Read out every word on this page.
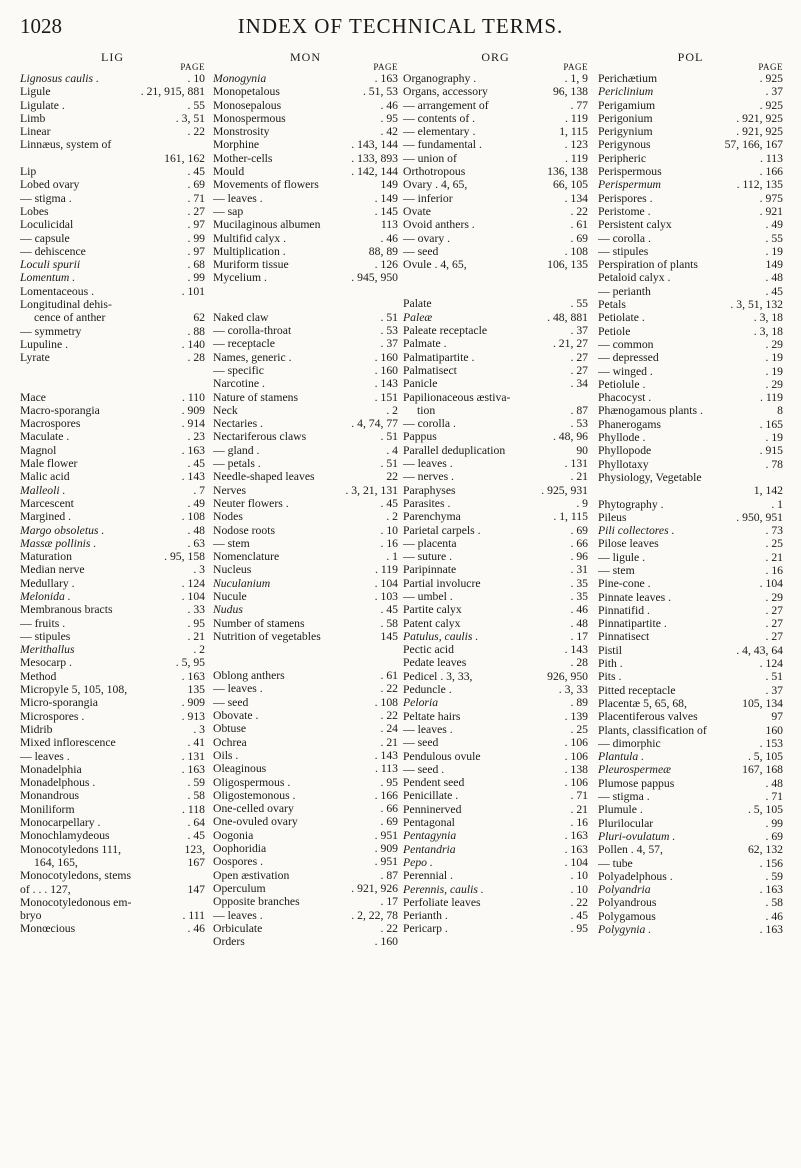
1028	INDEX OF TECHNICAL TERMS.
LIG	MON	ORG	POL
PAGE	PAGE	PAGE	PAGE
Lignosus caulis .	. 10
Ligule	. 21, 915, 881
Ligulate .	. 55
Limb	. 3, 51
Linear	. 22
Linnæus, system of
161, 162
Lip	. 45
Lobed ovary	. 69
— stigma .	. 71
Lobes	. 27
Loculicidal	. 97
— capsule	. 99
— dehiscence	. 97
Loculi spurii	. 68
Lomentum .	. 99
Lomentaceous .	. 101
Longitudinal dehis-
cence of anther	62
— symmetry	. 88
Lupuline .	. 140
Lyrate	. 28
Mace	. 110
Macro-sporangia	. 909
Macrospores	. 914
Maculate .	. 23
Magnol	. 163
Male flower	. 45
Malic acid	. 143
Malleoli .	. 7
Marcescent	. 49
Margined .	. 108
Margo obsoletus .	. 48
Massæ pollinis .	. 63
Maturation	. 95, 158
Median nerve	. 3
Medullary .	. 124
Melonida .	. 104
Membranous bracts	. 33
— fruits .	. 95
— stipules	. 21
Merithallus	. 2
Mesocarp .	. 5, 95
Method	. 163
Micropyle 5, 105, 108,	135
Micro-sporangia	. 909
Microspores .	. 913
Midrib	. 3
Mixed inflorescence	. 41
— leaves .	. 131
Monadelphia	. 163
Monadelphous .	. 59
Monandrous	. 58
Moniliform	. 118
Monocarpellary .	. 64
Monochlamydeous	. 45
Monocotyledons 111,	123,
164, 165,	167
Monocotyledons, stems
of . . . 127,	147
Monocotyledonous em-
bryo	. 111
Monœcious	. 46
Monogynia	. 163
Monopetalous	. 51, 53
Monosepalous	. 46
Monospermous	. 95
Monstrosity	. 42
Morphine	. 143, 144
Mother-cells	. 133, 893
Mould	. 142, 144
Movements of flowers	149
— leaves .	. 149
— sap	. 145
Mucilaginous albumen	113
Multifid calyx .	. 46
Multiplication .	88, 89
Muriform tissue	. 126
Mycelium .	. 945, 950
Naked claw	. 51
— corolla-throat	. 53
— receptacle	. 37
Names, generic .	. 160
— specific	. 160
Narcotine .	. 143
Nature of stamens	. 151
Neck	. 2
Nectaries .	. 4, 74, 77
Nectariferous claws	. 51
— gland .	. 4
— petals .	. 51
Needle-shaped leaves	22
Nerves	. 3, 21, 131
Neuter flowers .	. 45
Nodes	. 2
Nodose roots	. 10
— stem	. 16
Nomenclature	. 1
Nucleus	. 119
Nuculanium	. 104
Nucule	. 103
Nudus	. 45
Number of stamens	. 58
Nutrition of vegetables	145
Oblong anthers	. 61
— leaves .	. 22
— seed	. 108
Obovate .	. 22
Obtuse	. 24
Ochrea	. 21
Oils .	. 143
Oleaginous	. 113
Oligospermous .	. 95
Oligostemonous .	. 166
One-celled ovary	. 66
One-ovuled ovary	. 69
Oogonia	. 951
Oophoridia	. 909
Oospores .	. 951
Open æstivation	. 87
Operculum	. 921, 926
Opposite branches	. 17
— leaves .	. 2, 22, 78
Orbiculate	. 22
Orders	. 160
Organography .	. 1, 9
Organs, accessory	96, 138
— arrangement of	. 77
— contents of .	. 119
— elementary .	1, 115
— fundamental .	. 123
— union of	. 119
Orthotropous	136, 138
Ovary . 4, 65,	66, 105
— inferior	. 134
Ovate	. 22
Ovoid anthers .	. 61
— ovary .	. 69
— seed	. 108
Ovule . 4, 65,	106, 135
Palate	. 55
Paleæ	. 48, 881
Paleate receptacle	. 37
Palmate .	. 21, 27
Palmatipartite .	. 27
Palmatisect	. 27
Panicle	. 34
Papilionaceous æstiva-
tion	. 87
— corolla .	. 53
Pappus	. 48, 96
Parallel deduplication	90
— leaves .	. 131
— nerves .	. 21
Paraphyses	. 925, 931
Parasites .	. 9
Parenchyma	. 1, 115
Parietal carpels .	. 69
— placenta	. 66
— suture .	. 96
Paripinnate	. 31
Partial involucre	. 35
— umbel .	. 35
Partite calyx	. 46
Patent calyx	. 48
Patulus, caulis .	. 17
Pectic acid	. 143
Pedate leaves	. 28
Pedicel . 3, 33,	926, 950
Peduncle .	. 3, 33
Peloria	. 89
Peltate hairs	. 139
— leaves .	. 25
— seed	. 106
Pendulous ovule	. 106
— seed .	. 138
Pendent seed	. 106
Penicillate .	. 71
Penninerved	. 21
Pentagonal	. 16
Pentagynia	. 163
Pentandria	. 163
Pepo .	. 104
Perennial .	. 10
Perennis, caulis .	. 10
Perfoliate leaves	. 22
Perianth .	. 45
Pericarp .	. 95
Perichætium	. 925
Periclinium	. 37
Perigamium	. 925
Perigonium	. 921, 925
Perigynium	. 921, 925
Perigynous	57, 166, 167
Peripheric	. 113
Perispermous	. 166
Perispermum	. 112, 135
Perispores .	. 975
Peristome .	. 921
Persistent calyx	. 49
— corolla .	. 55
— stipules	. 19
Perspiration of plants	149
Petaloid calyx .	. 48
— perianth	. 45
Petals	. 3, 51, 132
Petiolate .	. 3, 18
Petiole	. 3, 18
— common	. 29
— depressed	. 19
— winged .	. 19
Petiolule .	. 29
Phacocyst .	. 119
Phænogamous plants .	8
Phanerogams	. 165
Phyllode .	. 19
Phyllopode	. 915
Phyllotaxy	. 78
Physiology, Vegetable
1, 142
Phytography .	. 1
Pileus	. 950, 951
Pili collectores .	. 73
Pilose leaves	. 25
— ligule .	. 21
— stem	. 16
Pine-cone .	. 104
Pinnate leaves .	. 29
Pinnatifid .	. 27
Pinnatipartite .	. 27
Pinnatisect	. 27
Pistil	. 4, 43, 64
Pith .	. 124
Pits .	. 51
Pitted receptacle	. 37
Placentæ 5, 65, 68,	105, 134
Placentiferous valves	97
Plants, classification of	160
— dimorphic	. 153
Plantula .	. 5, 105
Pleurospermeæ	167, 168
Plumose pappus	. 48
— stigma .	. 71
Plumule .	. 5, 105
Plurilocular	. 99
Pluri-ovulatum .	. 69
Pollen . 4, 57,	62, 132
— tube	. 156
Polyadelphous .	. 59
Polyandria	. 163
Polyandrous	. 58
Polygamous	. 46
Polygynia .	. 163
